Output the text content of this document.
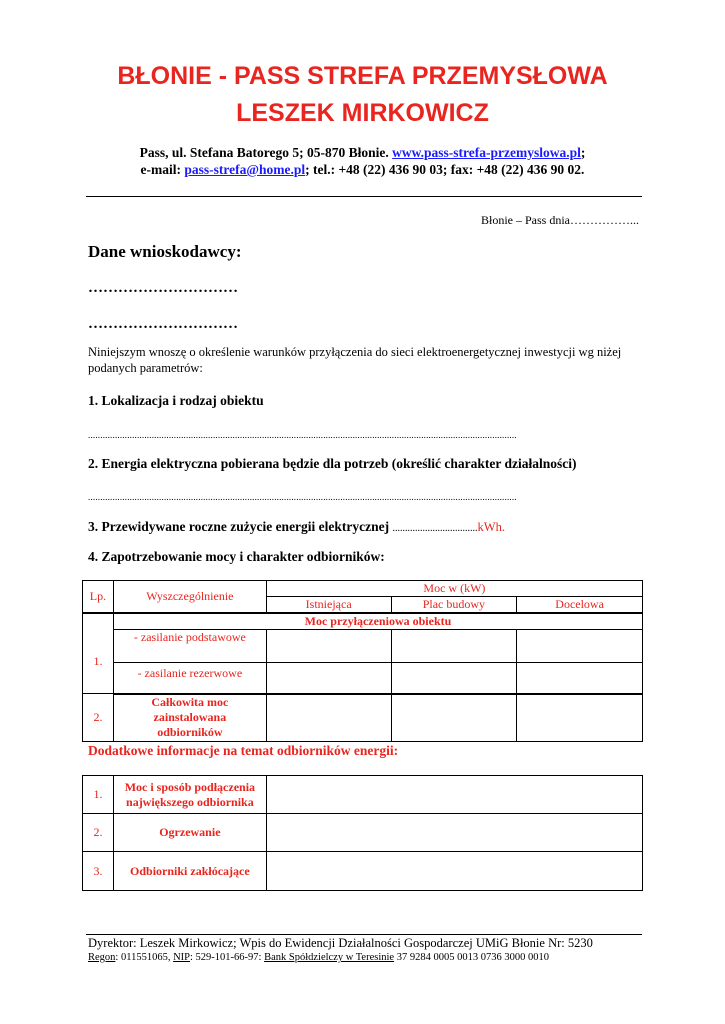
BŁONIE - PASS STREFA PRZEMYSŁOWA
LESZEK MIRKOWICZ
Pass, ul. Stefana Batorego 5; 05-870 Błonie. www.pass-strefa-przemyslowa.pl;
e-mail: pass-strefa@home.pl; tel.: +48 (22) 436 90 03; fax: +48 (22) 436 90 02.
Błonie – Pass dnia……………...
Dane wnioskodawcy:
…………………………
…………………………
Niniejszym wnoszę o określenie warunków przyłączenia do sieci elektroenergetycznej inwestycji wg niżej podanych parametrów:
1. Lokalizacja i rodzaj obiektu
...............................................................................................................................................................................
2. Energia elektryczna pobierana będzie dla potrzeb (określić charakter działalności)
...............................................................................................................................................................................
3. Przewidywane roczne zużycie energii elektrycznej ..................................kWh.
4. Zapotrzebowanie mocy i charakter odbiorników:
Lp.	Wyszczególnienie	Moc w (kW)		
		Istniejąca	Plac budowy	Docelowa
	Moc przyłączeniowa obiektu			
1.	- zasilanie podstawowe			
	- zasilanie rezerwowe			
2.	Całkowita moc zainstalowana odbiorników			
Dodatkowe informacje na temat odbiorników energii:
1.	Moc i sposób podłączenia największego odbiornika	
2.	Ogrzewanie	
3.	Odbiorniki zakłócające	
Dyrektor: Leszek Mirkowicz; Wpis do Ewidencji Działalności Gospodarczej UMiG Błonie Nr: 5230
Regon: 011551065, NIP: 529-101-66-97: Bank Spółdzielczy w Teresinie 37 9284 0005 0013 0736 3000 0010
